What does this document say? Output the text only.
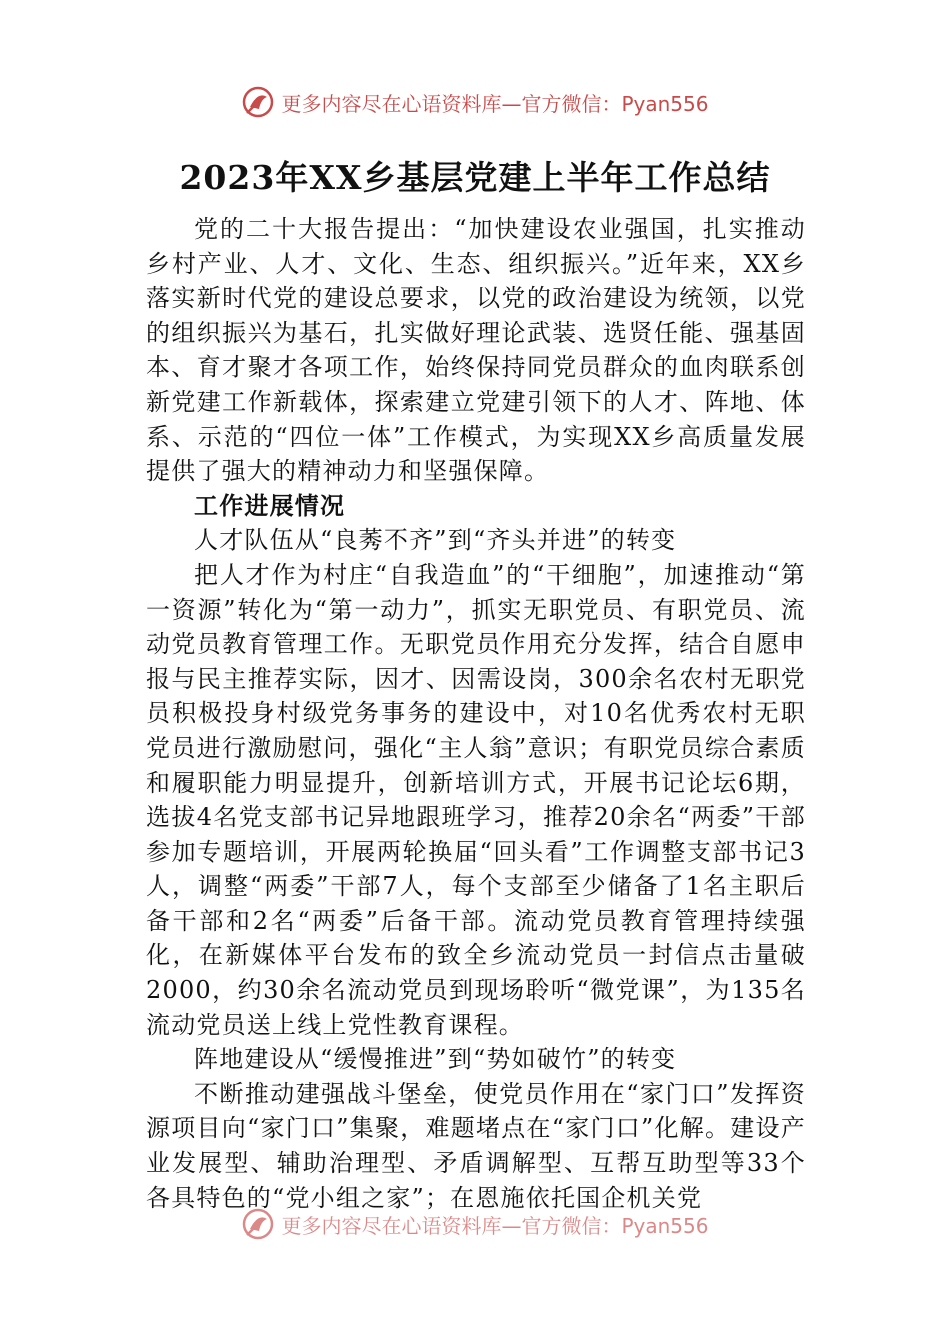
更多内容尽在心语资料库—官方微信：Pyan556
2023年XX乡基层党建上半年工作总结

党的二十大报告提出：“加快建设农业强国，扎实推动乡村产业、人才、文化、生态、组织振兴。”近年来，XX乡落实新时代党的建设总要求，以党的政治建设为统领，以党的组织振兴为基石，扎实做好理论武装、选贤任能、强基固本、育才聚才各项工作，始终保持同党员群众的血肉联系创新党建工作新载体，探索建立党建引领下的人才、阵地、体系、示范的“四位一体”工作模式，为实现XX乡高质量发展提供了强大的精神动力和坚强保障。

工作进展情况

人才队伍从“良莠不齐”到“齐头并进”的转变

把人才作为村庄“自我造血”的“干细胞”，加速推动“第一资源”转化为“第一动力”，抓实无职党员、有职党员、流动党员教育管理工作。无职党员作用充分发挥，结合自愿申报与民主推荐实际，因才、因需设岗，300余名农村无职党员积极投身村级党务事务的建设中，对10名优秀农村无职党员进行激励慰问，强化“主人翁”意识；有职党员综合素质和履职能力明显提升，创新培训方式，开展书记论坛6期，选拔4名党支部书记异地跟班学习，推荐20余名“两委”干部参加专题培训，开展两轮换届“回头看”工作调整支部书记3人，调整“两委”干部7人，每个支部至少储备了1名主职后备干部和2名“两委”后备干部。流动党员教育管理持续强化，在新媒体平台发布的致全乡流动党员一封信点击量破2000，约30余名流动党员到现场聆听“微党课”，为135名流动党员送上线上党性教育课程。

阵地建设从“缓慢推进”到“势如破竹”的转变

不断推动建强战斗堡垒，使党员作用在“家门口”发挥资源项目向“家门口”集聚，难题堵点在“家门口”化解。建设产业发展型、辅助治理型、矛盾调解型、互帮互助型等33个各具特色的“党小组之家”；在恩施依托国企机关党

更多内容尽在心语资料库—官方微信：Pyan556
